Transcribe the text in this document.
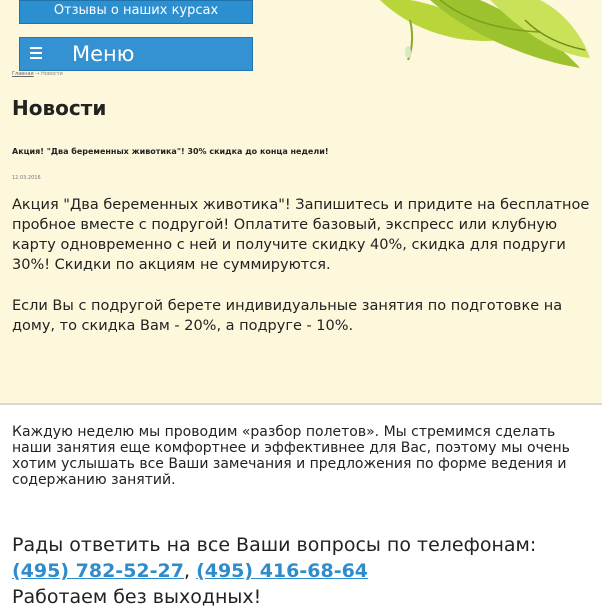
Отзывы о наших курсах
Меню
Главная → Новости
Новости
Акция! "Два беременных животика"! 30% скидка до конца недели!
12.03.2016

Акция "Два беременных животика"! Запишитесь и придите на бесплатное пробное вместе с подругой! Оплатите базовый, экспресс или клубную карту одновременно с ней и получите скидку 40%, скидка для подруги 30%! Скидки по акциям не суммируются.

Если Вы с подругой берете индивидуальные занятия по подготовке на дому, то скидка Вам - 20%, а подруге - 10%.

Каждую неделю мы проводим «разбор полетов». Мы стремимся сделать наши занятия еще комфортнее и эффективнее для Вас, поэтому мы очень хотим услышать все Ваши замечания и предложения по форме ведения и содержанию занятий.
Рады ответить на все Ваши вопросы по телефонам:
(495) 782-52-27, (495) 416-68-64
Работаем без выходных!
